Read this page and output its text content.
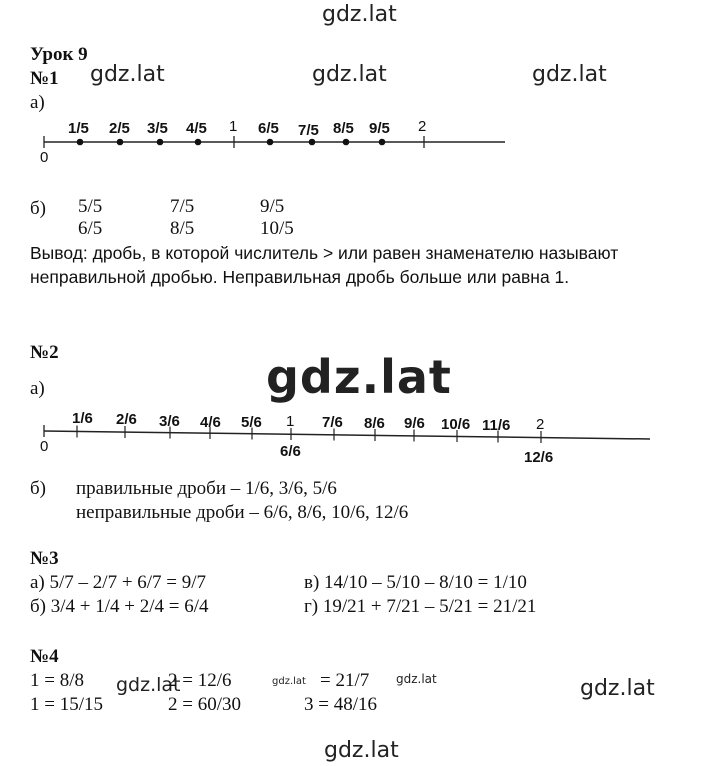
gdz.lat
gdz.lat	gdz.lat	gdz.lat
gdz.lat
gdz.lat	gdz.lat	gdz.lat	gdz.lat
gdz.lat
Урок 9
№1
а)
0
1/5 2/5 3/5 4/5 1 6/5 7/5 8/5 9/5 2
б) 5/5	7/5	9/5
6/5	8/5	10/5
Вывод: дробь, в которой числитель > или равен знаменателю называют
неправильной дробью. Неправильная дробь больше или равна 1.
№2
а)
0
1/6 2/6 3/6 4/6 5/6 1 7/6 8/6 9/6 10/6 11/6 2
6/6	12/6
б) правильные дроби – 1/6, 3/6, 5/6
неправильные дроби – 6/6, 8/6, 10/6, 12/6
№3
а) 5/7 – 2/7 + 6/7 = 9/7
б) 3/4 + 1/4 + 2/4 = 6/4
в) 14/10 – 5/10 – 8/10 = 1/10
г) 19/21 + 7/21 – 5/21 = 21/21
№4
1 = 8/8	2 = 12/6	= 21/7
1 = 15/15	2 = 60/30	3 = 48/16
